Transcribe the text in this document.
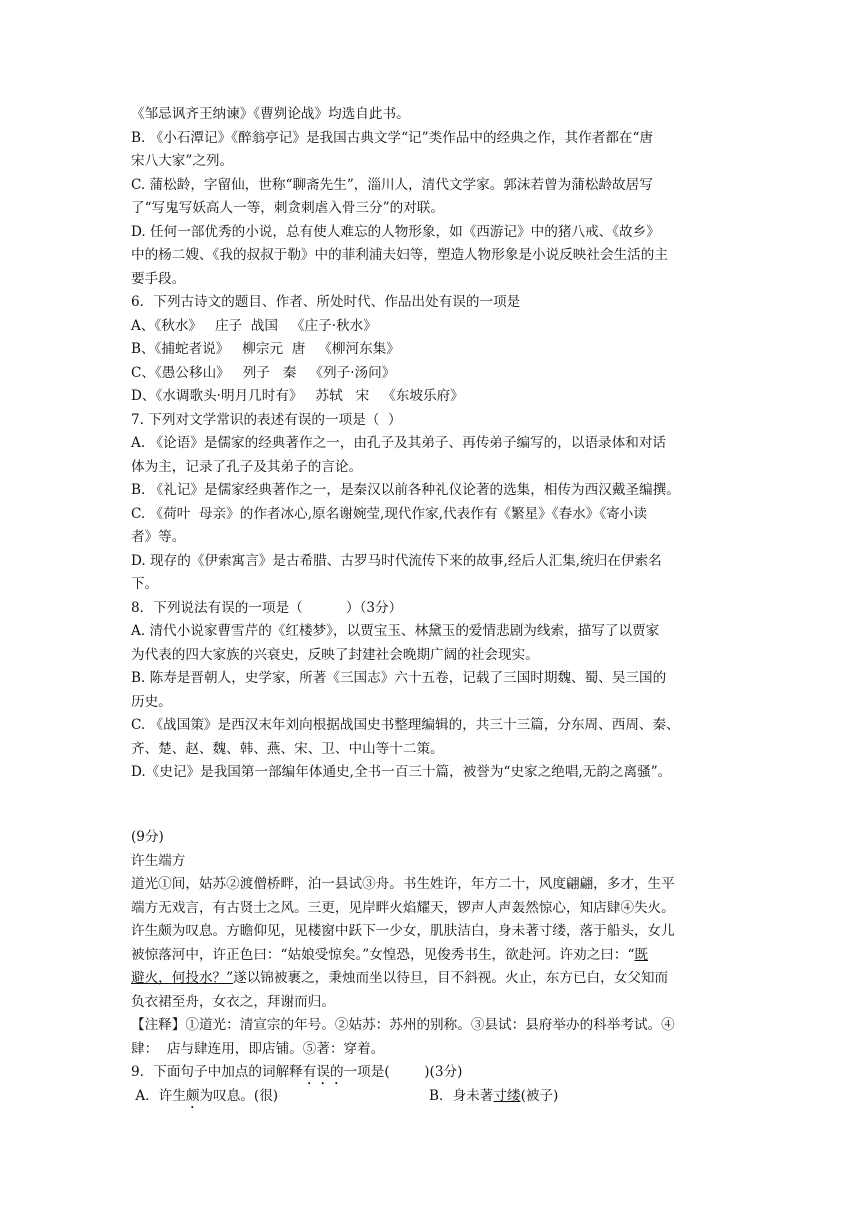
《邹忌讽齐王纳谏》《曹刿论战》均选自此书。
B. 《小石潭记》《醉翁亭记》是我国古典文学“记”类作品中的经典之作，其作者都在“唐
宋八大家”之列。
C. 蒲松龄，字留仙，世称“聊斋先生”，淄川人，清代文学家。郭沫若曾为蒲松龄故居写
了“写鬼写妖高人一等，刺贪刺虐入骨三分”的对联。
D. 任何一部优秀的小说，总有使人难忘的人物形象，如《西游记》中的猪八戒、《故乡》
中的杨二嫂、《我的叔叔于勒》中的菲利浦夫妇等，塑造人物形象是小说反映社会生活的主
要手段。
6．下列古诗文的题目、作者、所处时代、作品出处有误的一项是
A、《秋水》   庄子  战国   《庄子·秋水》
B、《捕蛇者说》   柳宗元  唐   《柳河东集》
C、《愚公移山》   列子   秦   《列子·汤问》
D、《水调歌头·明月几时有》   苏轼   宋   《东坡乐府》
7. 下列对文学常识的表述有误的一项是（  ）
A. 《论语》是儒家的经典著作之一，由孔子及其弟子、再传弟子编写的，以语录体和对话
体为主，记录了孔子及其弟子的言论。
B. 《礼记》是儒家经典著作之一，是秦汉以前各种礼仪论著的选集，相传为西汉戴圣编撰。
C. 《荷叶  母亲》的作者冰心,原名谢婉莹,现代作家,代表作有《繁星》《春水》《寄小读
者》等。
D. 现存的《伊索寓言》是古希腊、古罗马时代流传下来的故事,经后人汇集,统归在伊索名
下。
8．下列说法有误的一项是（          ）（3分）
A. 清代小说家曹雪芹的《红楼梦》，以贾宝玉、林黛玉的爱情悲剧为线索，描写了以贾家
为代表的四大家族的兴衰史，反映了封建社会晚期广阔的社会现实。
B. 陈寿是晋朝人，史学家，所著《三国志》六十五卷，记载了三国时期魏、蜀、吴三国的
历史。
C. 《战国策》是西汉末年刘向根据战国史书整理编辑的，共三十三篇，分东周、西周、秦、
齐、楚、赵、魏、韩、燕、宋、卫、中山等十二策。
D.《史记》是我国第一部编年体通史,全书一百三十篇，被誉为“史家之绝唱,无韵之离骚”。
(9分)
许生端方
道光①间，姑苏②渡僧桥畔，泊一县试③舟。书生姓许，年方二十，风度翩翩，多才，生平
端方无戏言，有古贤士之风。三更，见岸畔火焰耀天，锣声人声轰然惊心，知店肆④失火。
许生颇为叹息。方瞻仰见，见楼窗中跃下一少女，肌肤洁白，身未著寸缕，落于船头，女儿
被惊落河中，许正色曰：“姑娘受惊矣。”女惶恐，见俊秀书生，欲赴河。许劝之曰：“既
避火，何投水？”遂以锦被裹之，秉烛而坐以待旦，目不斜视。火止，东方已白，女父知而
负衣裙至舟，女衣之，拜谢而归。
【注释】①道光：清宣宗的年号。②姑苏：苏州的别称。③县试：县府举办的科举考试。④
肆：  店与肆连用，即店铺。⑤著：穿着。
9．下面句子中加点的词解释有误的一项是(        )(3分)
A．许生颇为叹息。(很)	B．身未著寸缕(被子)
